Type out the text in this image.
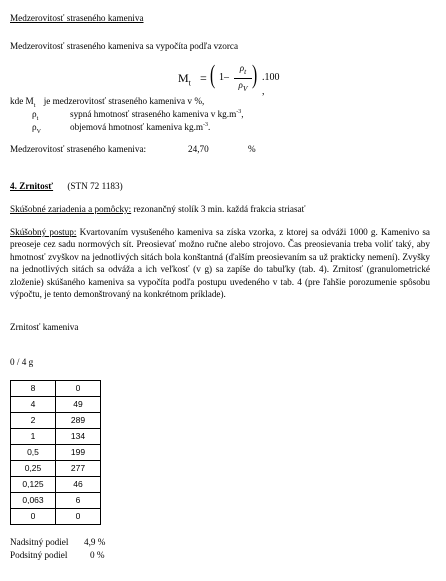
Medzerovitosť straseného kameniva
Medzerovitosť straseného kameniva sa vypočíta podľa vzorca
$M_t$ = ( $1- \frac{\rho_t}{\rho_V}$ ) .100 ,
kde $M_t$ je medzerovitosť straseného kameniva v %,
$\rho_t$	sypná hmotnosť straseného kameniva v $kg.m^{-3}$,
$\rho_V$	objemová hmotnosť kameniva $kg.m^{-3}$.
Medzerovitosť straseného kameniva:	24,70	%
4. Zrnitosť (STN 72 1183)
Skúšobné zariadenia a pomôcky: rezonančný stolík 3 min. každá frakcia striasať
Skúšobný postup: Kvartovaním vysušeného kameniva sa získa vzorka, z ktorej sa odváži 1000 g. Kamenivo sa preoseje cez sadu normových sít. Preosievať možno ručne alebo strojovo. Čas preosievania treba voliť taký, aby hmotnosť zvyškov na jednotlivých sitách bola konštantná (ďalším preosievaním sa už prakticky nemení). Zvyšky na jednotlivých sitách sa odváža a ich veľkosť (v g) sa zapíše do tabuľky (tab. 4). Zrnitosť (granulometrické zloženie) skúšaného kameniva sa vypočíta podľa postupu uvedeného v tab. 4 (pre ľahšie porozumenie spôsobu výpočtu, je tento demonštrovaný na konkrétnom príklade).
Zrnitosť kameniva
0 / 4 g
8	0
4	49
2	289
1	134
0,5	199
0,25	277
0,125	46
0,063	6
0	0
Nadsitný podiel 4,9 %
Podsitný podiel 0 %
